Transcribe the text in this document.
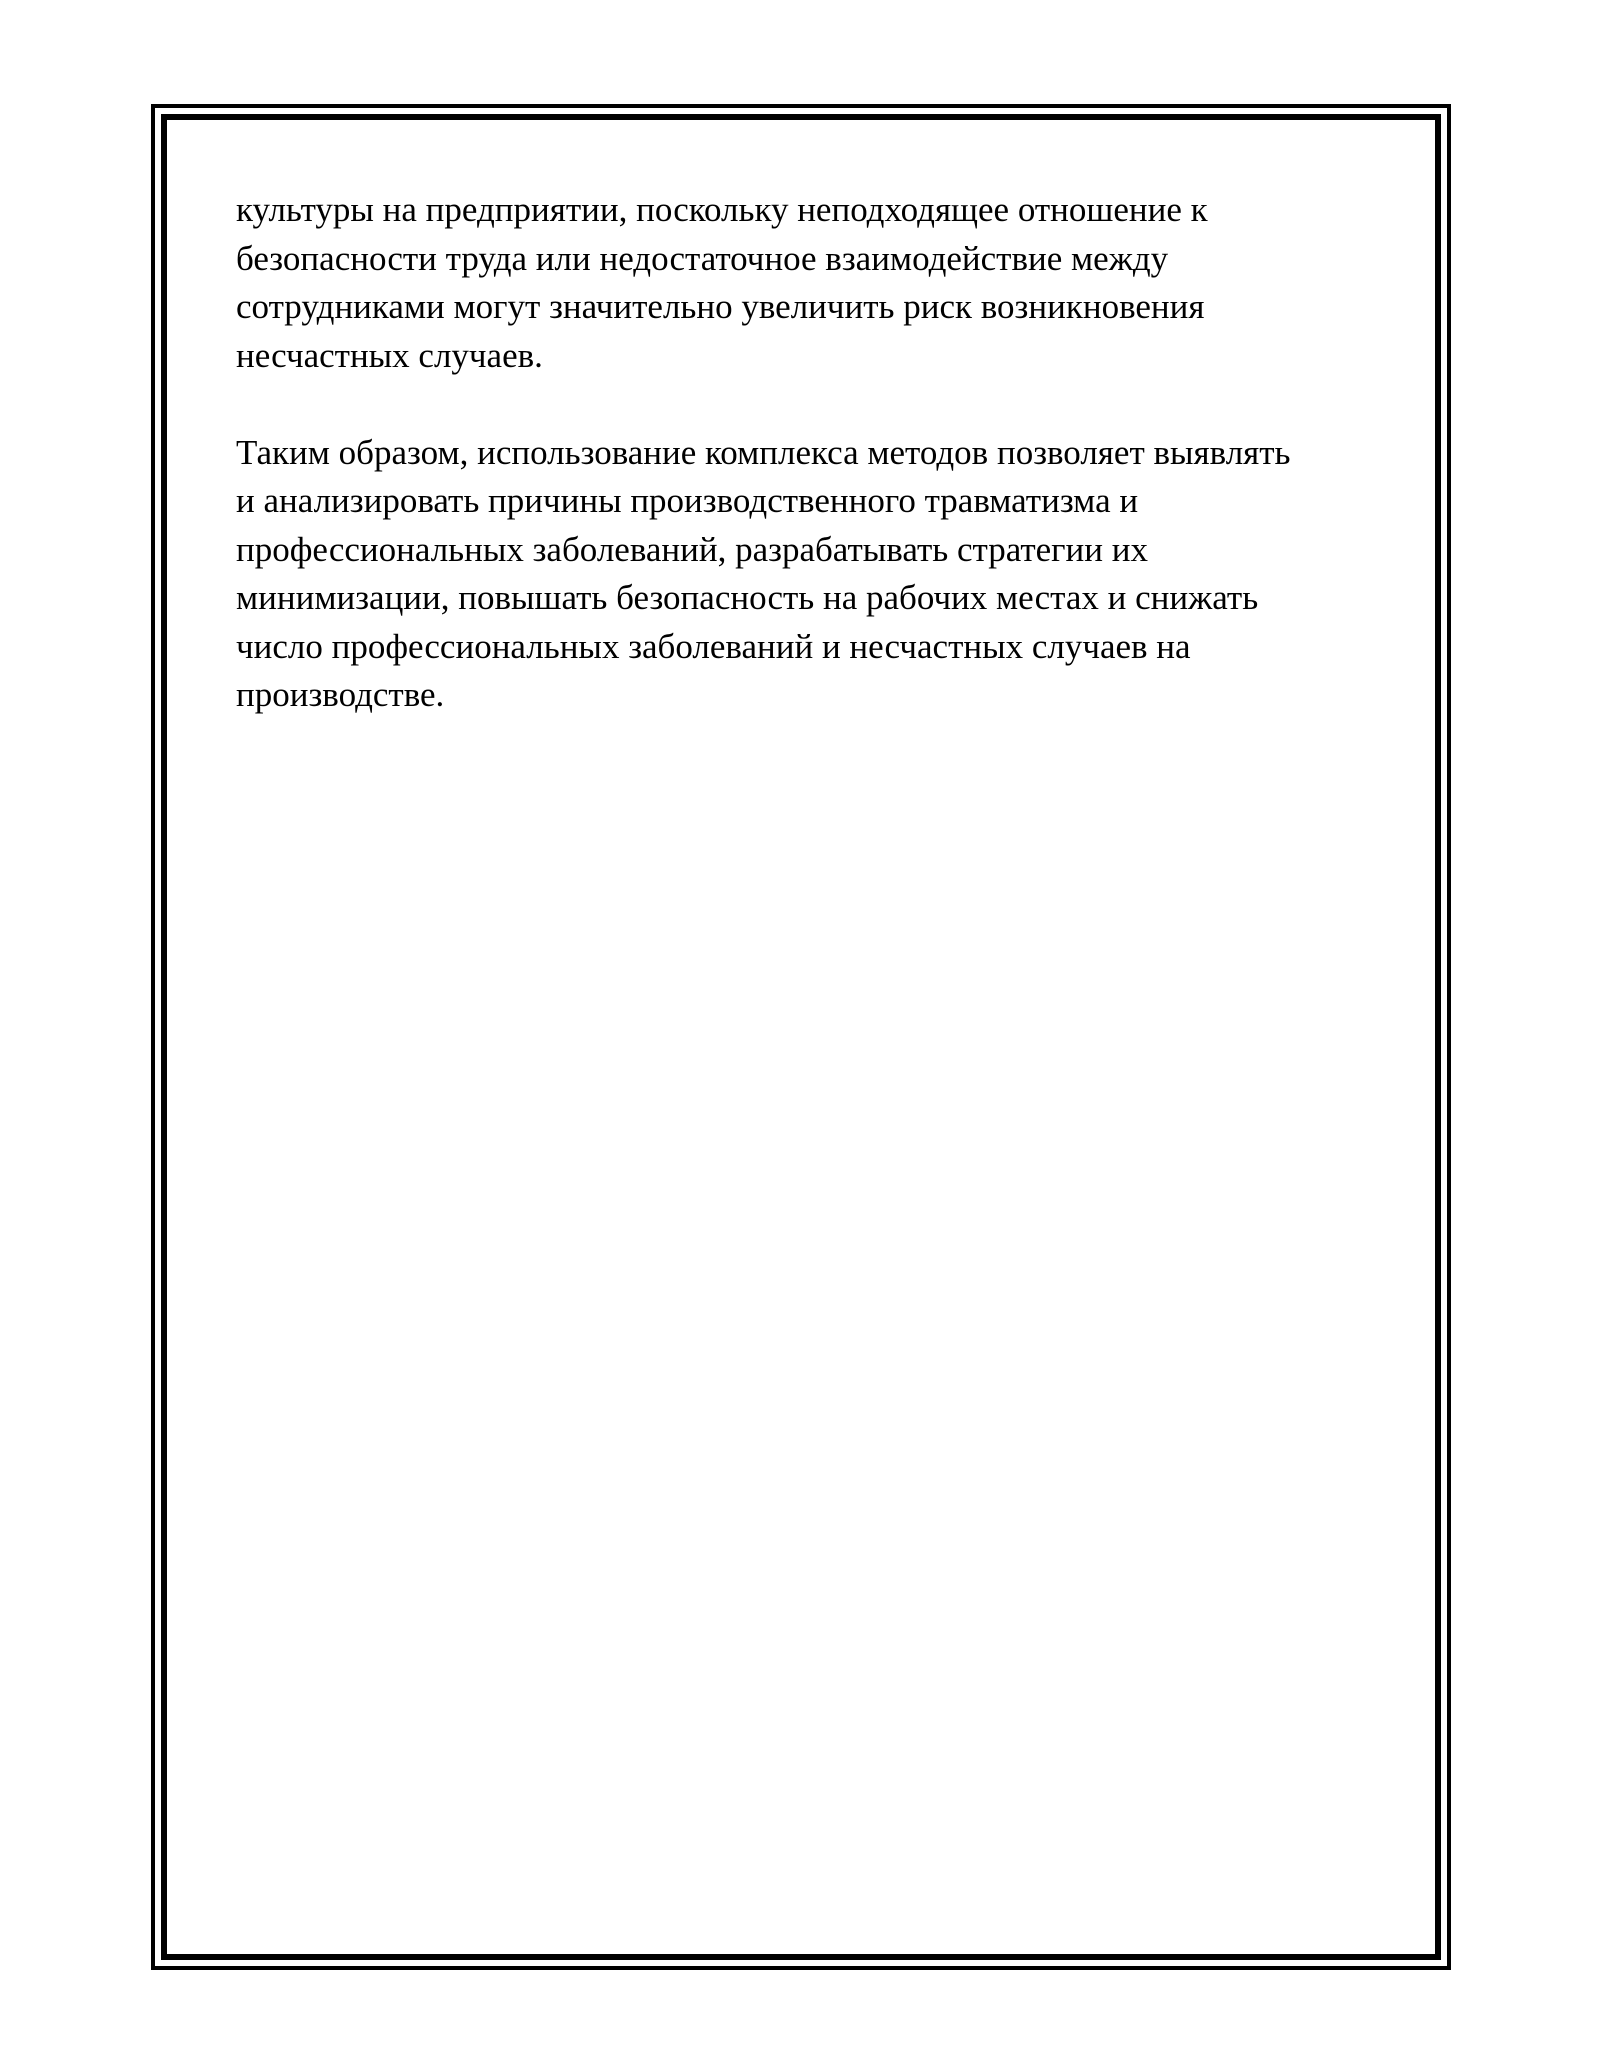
культуры на предприятии, поскольку неподходящее отношение к
безопасности труда или недостаточное взаимодействие между
сотрудниками могут значительно увеличить риск возникновения
несчастных случаев.

Таким образом, использование комплекса методов позволяет выявлять
и анализировать причины производственного травматизма и
профессиональных заболеваний, разрабатывать стратегии их
минимизации, повышать безопасность на рабочих местах и снижать
число профессиональных заболеваний и несчастных случаев на
производстве.
